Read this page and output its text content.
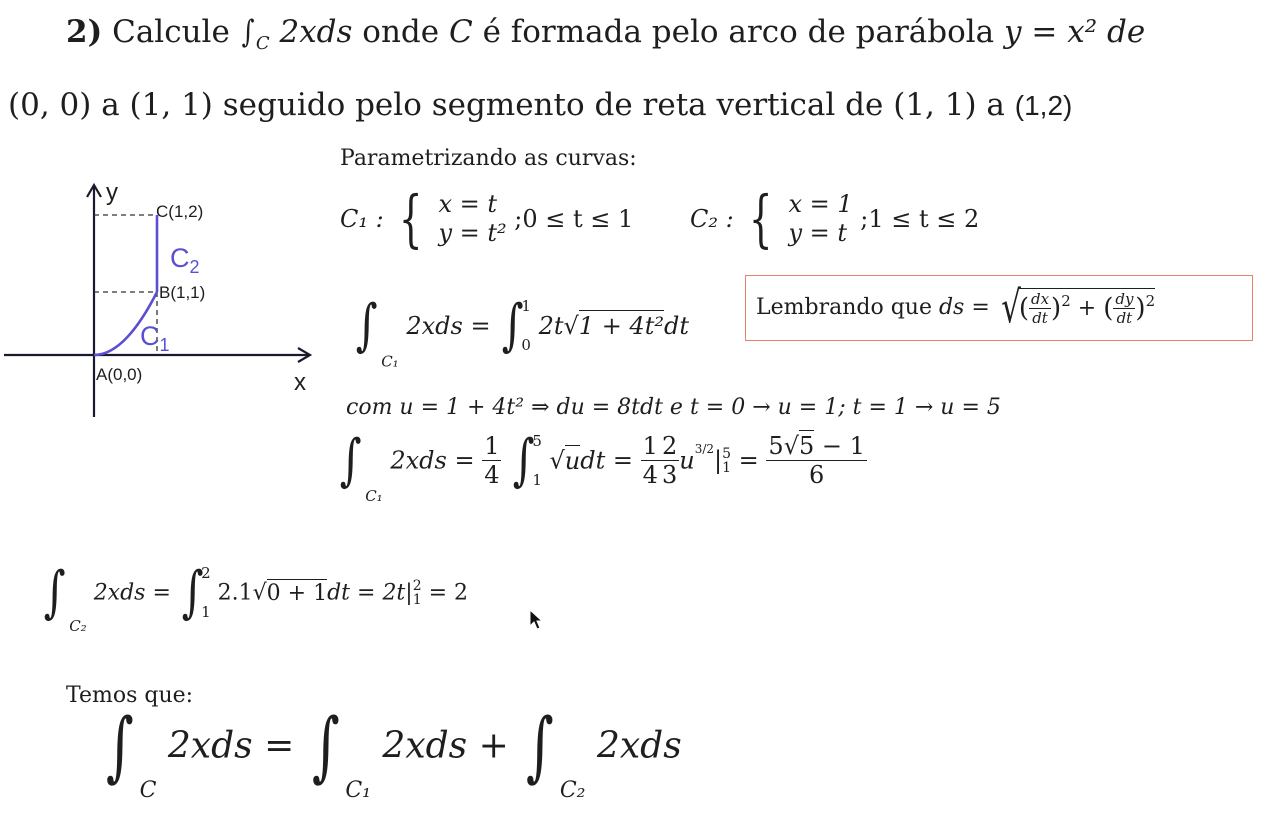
2) Calcule $\int_C$ 2xds onde C é formada pelo arco de parábola y = x² de
(0, 0) a (1, 1) seguido pelo segmento de reta vertical de (1, 1) a (1,2)
y
x
C(1,2)
B(1,1)
A(0,0)
$C_2$
$C_1$
Parametrizando as curvas:
C₁ : { x = t
y = t² ;0 ≤ t ≤ 1 C₂ : { x = 1
y = t ;1 ≤ t ≤ 2
Lembrando que ds = √( $\frac{dx}{dt} )^2$ + ( $\frac{dy}{dt} )^2$
$\int_{C_1}$ 2xds = ∫
1
0
2t√1 + 4t²dt
com u = 1 + 4t² ⇒ du = 8tdt e t = 0 → u = 1; t = 1 → u = 5
$\int_{C_1}$ $2xds = \frac{1}{4}$ ∫
5
1
$√udt = \frac{1}{4} \frac{2}{3} u^{3/2}|$ 5
$1 = \frac{5√5 - 1}{6}$
$\int_{C_2}$ 2xds = ∫
2
1
2.1√0 + 1dt = 2t| 2
1 = 2
Temos que:
$\int_C$ $2xds = \int_{C_1}$ $2xds + \int_{C_2}$ 2xds
